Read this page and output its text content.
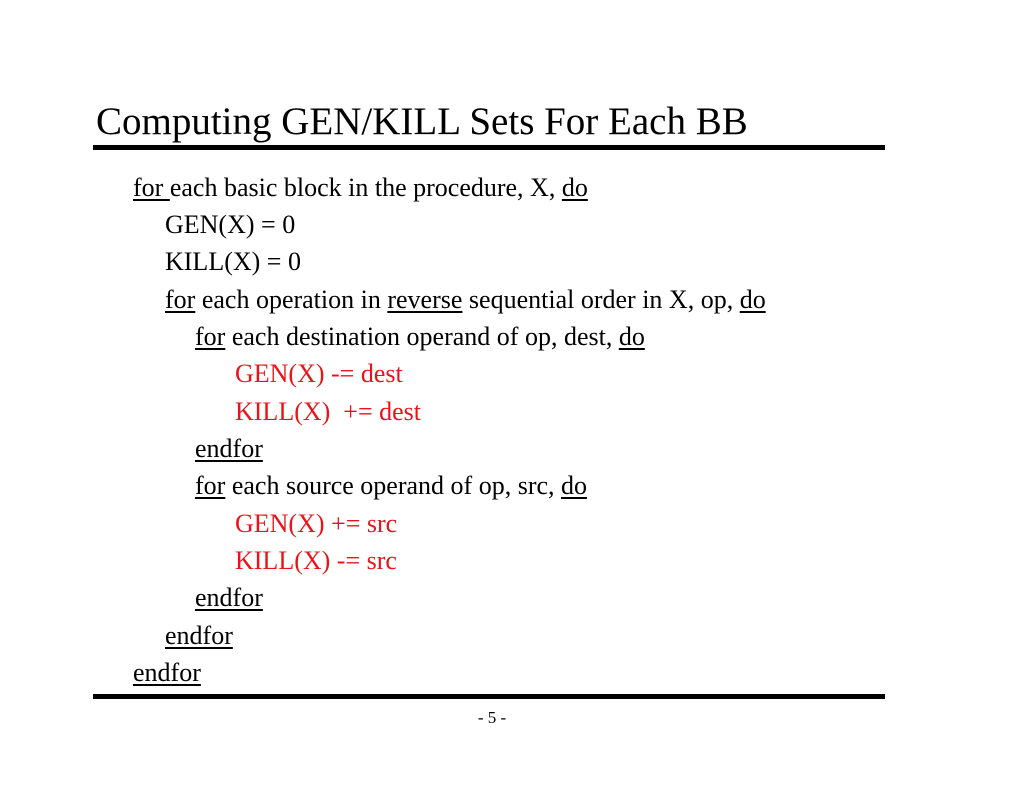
Computing GEN/KILL Sets For Each BB
for each basic block in the procedure, X, do
GEN(X) = 0
KILL(X) = 0
for each operation in reverse sequential order in X, op, do
for each destination operand of op, dest, do
GEN(X) -= dest
KILL(X)  += dest
endfor
for each source operand of op, src, do
GEN(X) += src
KILL(X) -= src
endfor
endfor
endfor
- 5 -
